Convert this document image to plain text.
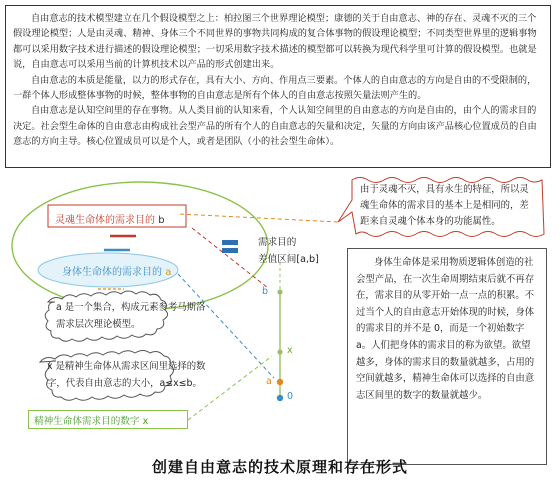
自由意志的技术模型建立在几个假设模型之上：柏拉图三个世界理论模型；康德的关于自由意志、神的存在、灵魂不灭的三个假设理论模型；人是由灵魂、精神、身体三个不同世界的事物共同构成的复合体事物的假设理论模型；不同类型世界里的逻辑事物都可以采用数字技术进行描述的假设理论模型；一切采用数字技术描述的模型都可以转换为现代科学里可计算的假设模型。也就是说，自由意志可以采用当前的计算机技术以产品的形式创建出来。

自由意志的本质是能量，以力的形式存在，具有大小、方向、作用点三要素。个体人的自由意志的方向是自由的不受限制的，一群个体人形成整体事物的时候，整体事物的自由意志是所有个体人的自由意志按照矢量法则产生的。

自由意志是认知空间里的存在事物。从人类目前的认知来看，个人认知空间里的自由意志的方向是自由的，由个人的需求目的决定。社会型生命体的自由意志由构成社会型产品的所有个人的自由意志的矢量和决定，矢量的方向由该产品核心位置成员的自由意志的方向主导。核心位置成员可以是个人，或者是团队（小的社会型生命体）。

灵魂生命体的需求目的 b
身体生命体的需求目的 a
需求目的
差值区间[a,b]
由于灵魂不灭，具有永生的特征，所以灵魂生命体的需求目的基本上是相同的，差距来自灵魂个体本身的功能属性。
a 是一个集合，构成元素参考马斯洛需求层次理论模型。
x 是精神生命体从需求区间里选择的数字，代表自由意志的大小，a≤x≤b。
精神生命体需求目的数字 x
b
x
a
0
身体生命体是采用物质逻辑体创造的社会型产品，在一次生命周期结束后就不再存在，需求目的从零开始一点一点的积累。不过当个人的自由意志开始体现的时候，身体的需求目的并不是 0，而是一个初始数字 a。人们把身体的需求目的称为欲望。欲望越多，身体的需求目的数量就越多，占用的空间就越多，精神生命体可以选择的自由意志区间里的数字的数量就越少。
创建自由意志的技术原理和存在形式
